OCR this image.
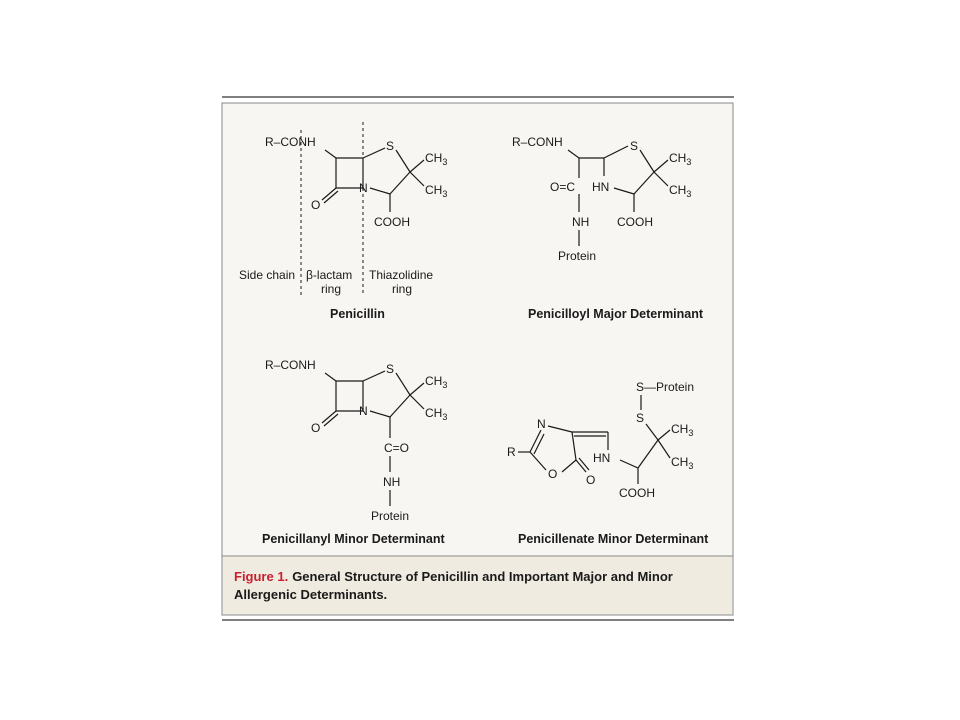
R–CONH
O
S
N
$CH_3$
$CH_3$
COOH
Side chain β-lactam
ring
Thiazolidine
ring
Penicillin
R–CONH
O=C
NH
Protein
S
HN
$CH_3$
$CH_3$
COOH
Penicilloyl Major Determinant
R–CONH
O
S
N
$CH_3$
$CH_3$
C=O
NH
Protein
Penicillanyl Minor Determinant
S—Protein
S
$CH_3$
$CH_3$
COOH
HN
N
O
R
O
Penicillenate Minor Determinant
Figure 1. General Structure of Penicillin and Important Major and Minor
Allergenic Determinants.
